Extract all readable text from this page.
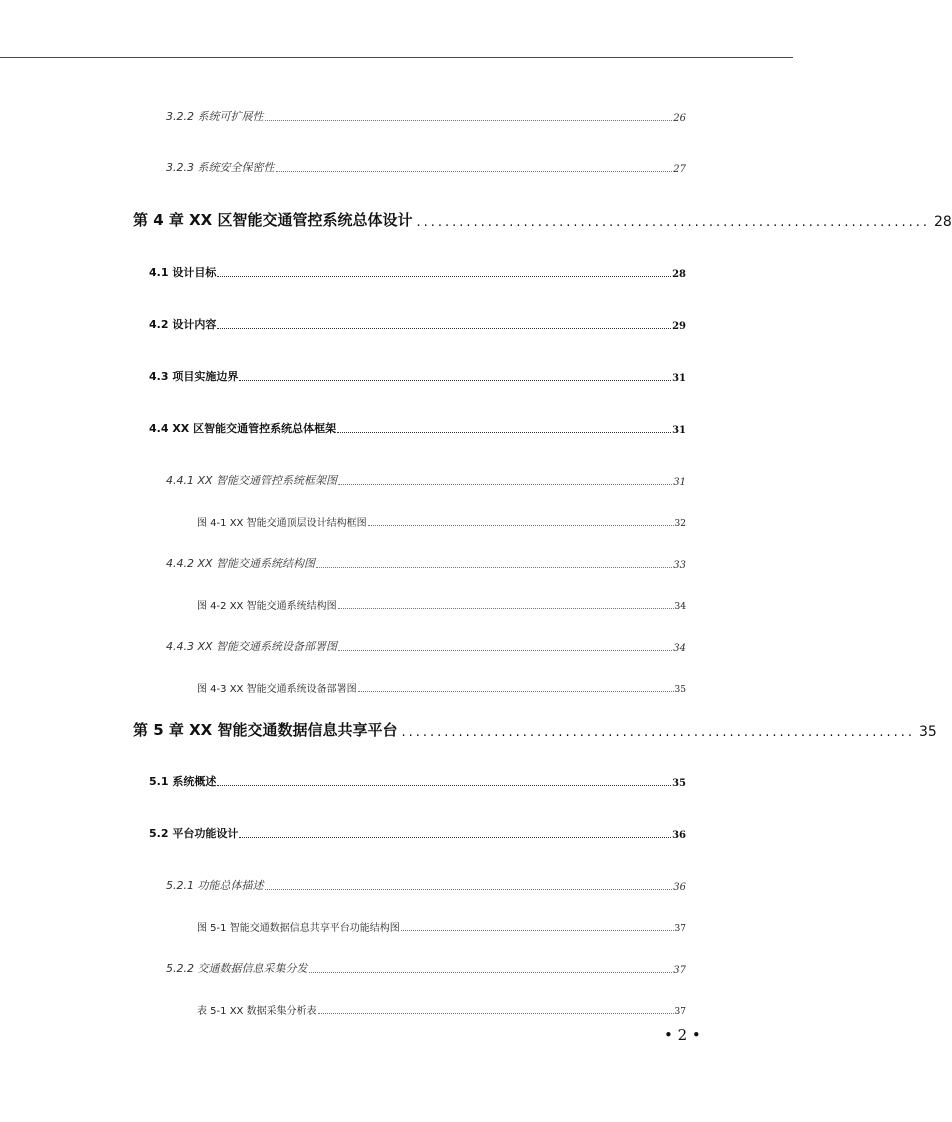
3.2.2 系统可扩展性	26
3.2.3 系统安全保密性	27
第 4 章 XX 区智能交通管控系统总体设计 ........................................................................ 28
4.1 设计目标	28
4.2 设计内容	29
4.3 项目实施边界	31
4.4 XX 区智能交通管控系统总体框架	31
4.4.1 XX 智能交通管控系统框架图	31
图 4-1 XX 智能交通顶层设计结构框图	32
4.4.2 XX 智能交通系统结构图	33
图 4-2 XX 智能交通系统结构图	34
4.4.3 XX 智能交通系统设备部署图	34
图 4-3 XX 智能交通系统设备部署图	35
第 5 章 XX 智能交通数据信息共享平台 ........................................................................ 35
5.1 系统概述	35
5.2 平台功能设计	36
5.2.1 功能总体描述	36
图 5-1 智能交通数据信息共享平台功能结构图	37
5.2.2 交通数据信息采集分发	37
表 5-1 XX 数据采集分析表	37
• 2 •
